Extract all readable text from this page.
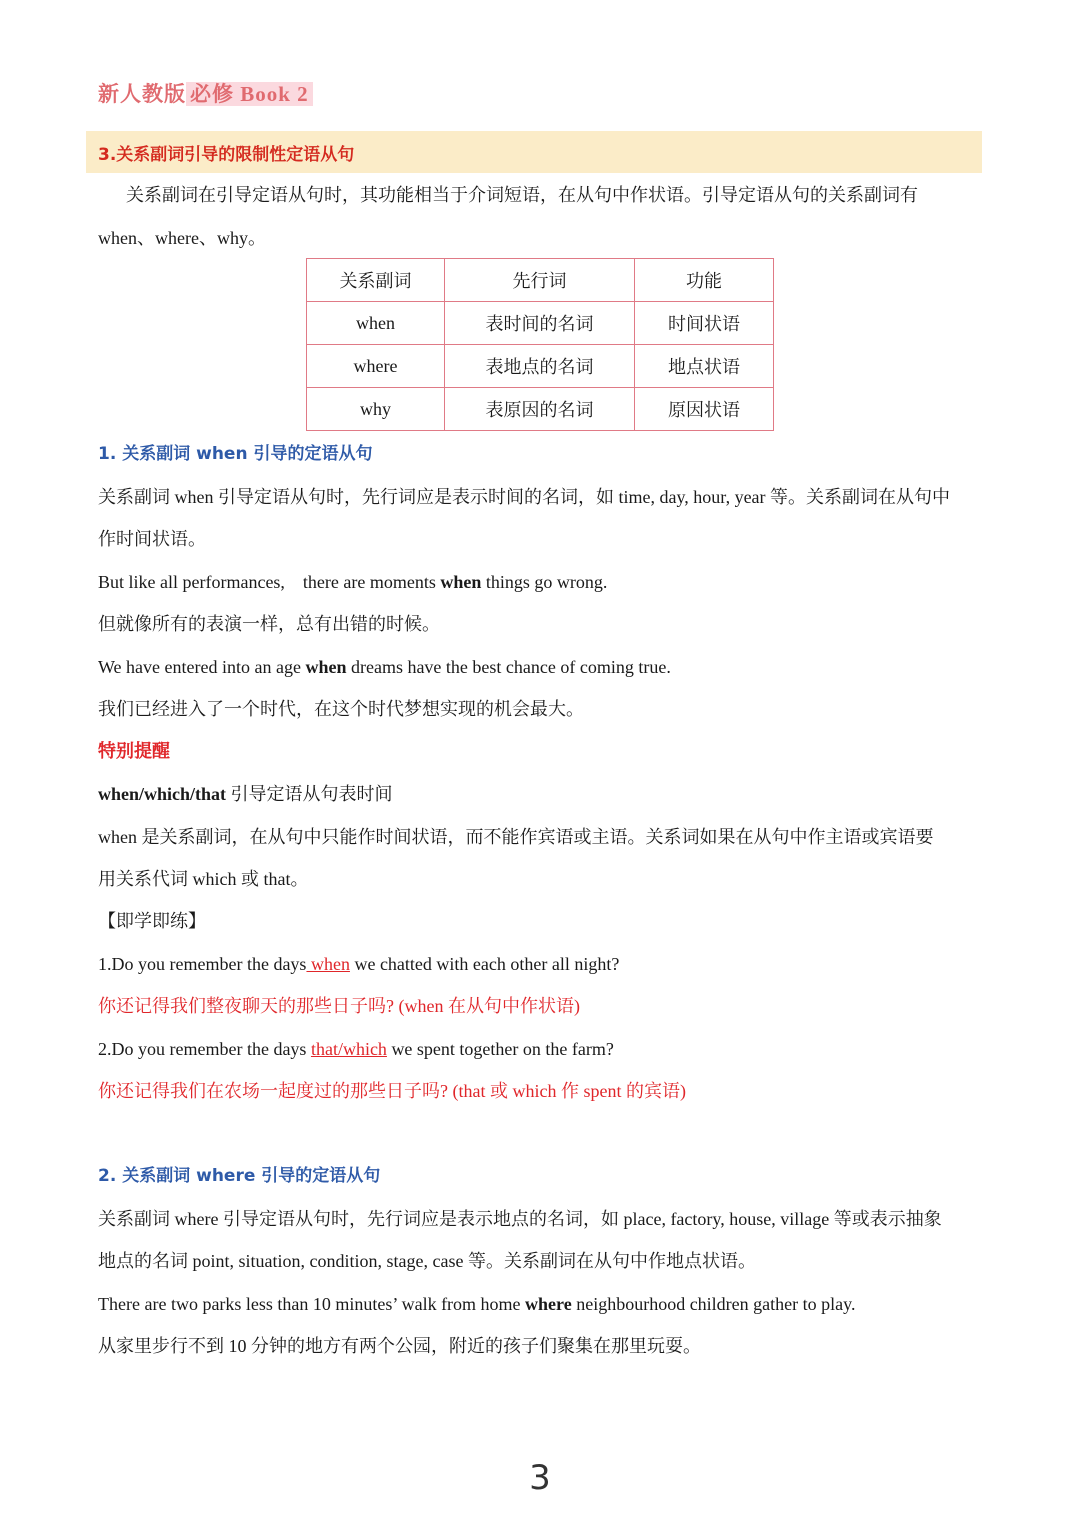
新人教版 必修 Book 2
3.关系副词引导的限制性定语从句
关系副词在引导定语从句时，其功能相当于介词短语，在从句中作状语。引导定语从句的关系副词有
when、where、why。
关系副词	先行词	功能
when	表时间的名词	时间状语
where	表地点的名词	地点状语
why	表原因的名词	原因状语
1. 关系副词 when 引导的定语从句
关系副词 when 引导定语从句时，先行词应是表示时间的名词，如 time, day, hour, year 等。关系副词在从句中
作时间状语。
But like all performances,    there are moments when things go wrong.
但就像所有的表演一样，总有出错的时候。
We have entered into an age when dreams have the best chance of coming true.
我们已经进入了一个时代，在这个时代梦想实现的机会最大。
特别提醒
when/which/that 引导定语从句表时间
when 是关系副词，在从句中只能作时间状语，而不能作宾语或主语。关系词如果在从句中作主语或宾语要
用关系代词 which 或 that。
【即学即练】
1.Do you remember the days when we chatted with each other all night?
你还记得我们整夜聊天的那些日子吗? (when 在从句中作状语)
2.Do you remember the days that/which we spent together on the farm?
你还记得我们在农场一起度过的那些日子吗? (that 或 which 作 spent 的宾语)
2. 关系副词 where 引导的定语从句
关系副词 where 引导定语从句时，先行词应是表示地点的名词，如 place, factory, house, village 等或表示抽象
地点的名词 point, situation, condition, stage, case 等。关系副词在从句中作地点状语。
There are two parks less than 10 minutes’ walk from home where neighbourhood children gather to play.
从家里步行不到 10 分钟的地方有两个公园，附近的孩子们聚集在那里玩耍。
3
